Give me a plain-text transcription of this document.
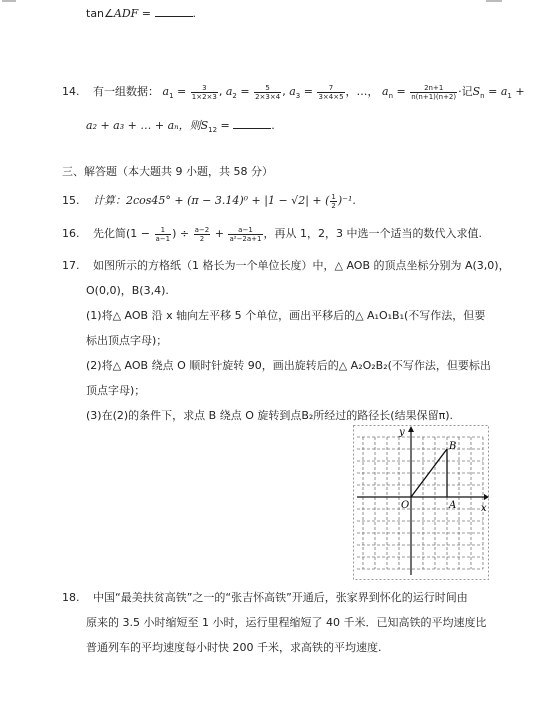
tan∠ADF =	.
14. 有一组数据： $a_1 = \frac{3}{1\times 2\times 3}$ , $a_2 = \frac{5}{2\times 3\times 4}$ , $a_3 = \frac{7}{3\times 4\times 5}$ ，…， $a_n = \frac{2n+1}{n(n+1)(n+2)}$ ·记$S_n = a_1$ +
a₂ + a₃ + … + aₙ，则$S_{12}$ =	.
三、解答题（本大题共 9 小题，共 58 分）
15. 计算：2cos45° + (π − 3.14)⁰ + |1 − √2| + ( $\frac{1}{2} )^{-1}$.
16. 先化简($1 - \frac{1}{a-1}$ ) ÷ $\frac{a-2}{2} + \frac{a-1}{\text{a²−2a+1}}$ ，再从 1，2，3 中选一个适当的数代入求值.
17. 如图所示的方格纸（1 格长为一个单位长度）中，△ AOB 的顶点坐标分别为 A(3,0)，
O(0,0)，B(3,4).
(1)将△ AOB 沿 x 轴向左平移 5 个单位，画出平移后的△ A₁O₁B₁(不写作法，但要
标出顶点字母)；
(2)将△ AOB 绕点 O 顺时针旋转 90，画出旋转后的△ A₂O₂B₂(不写作法，但要标出
顶点字母)；
(3)在(2)的条件下，求点 B 绕点 O 旋转到点B₂所经过的路径长(结果保留π).
y
x
B
O	A
18. 中国“最美扶贫高铁”之一的“张吉怀高铁”开通后，张家界到怀化的运行时间由
原来的 3.5 小时缩短至 1 小时，运行里程缩短了 40 千米．已知高铁的平均速度比
普通列车的平均速度每小时快 200 千米，求高铁的平均速度.
